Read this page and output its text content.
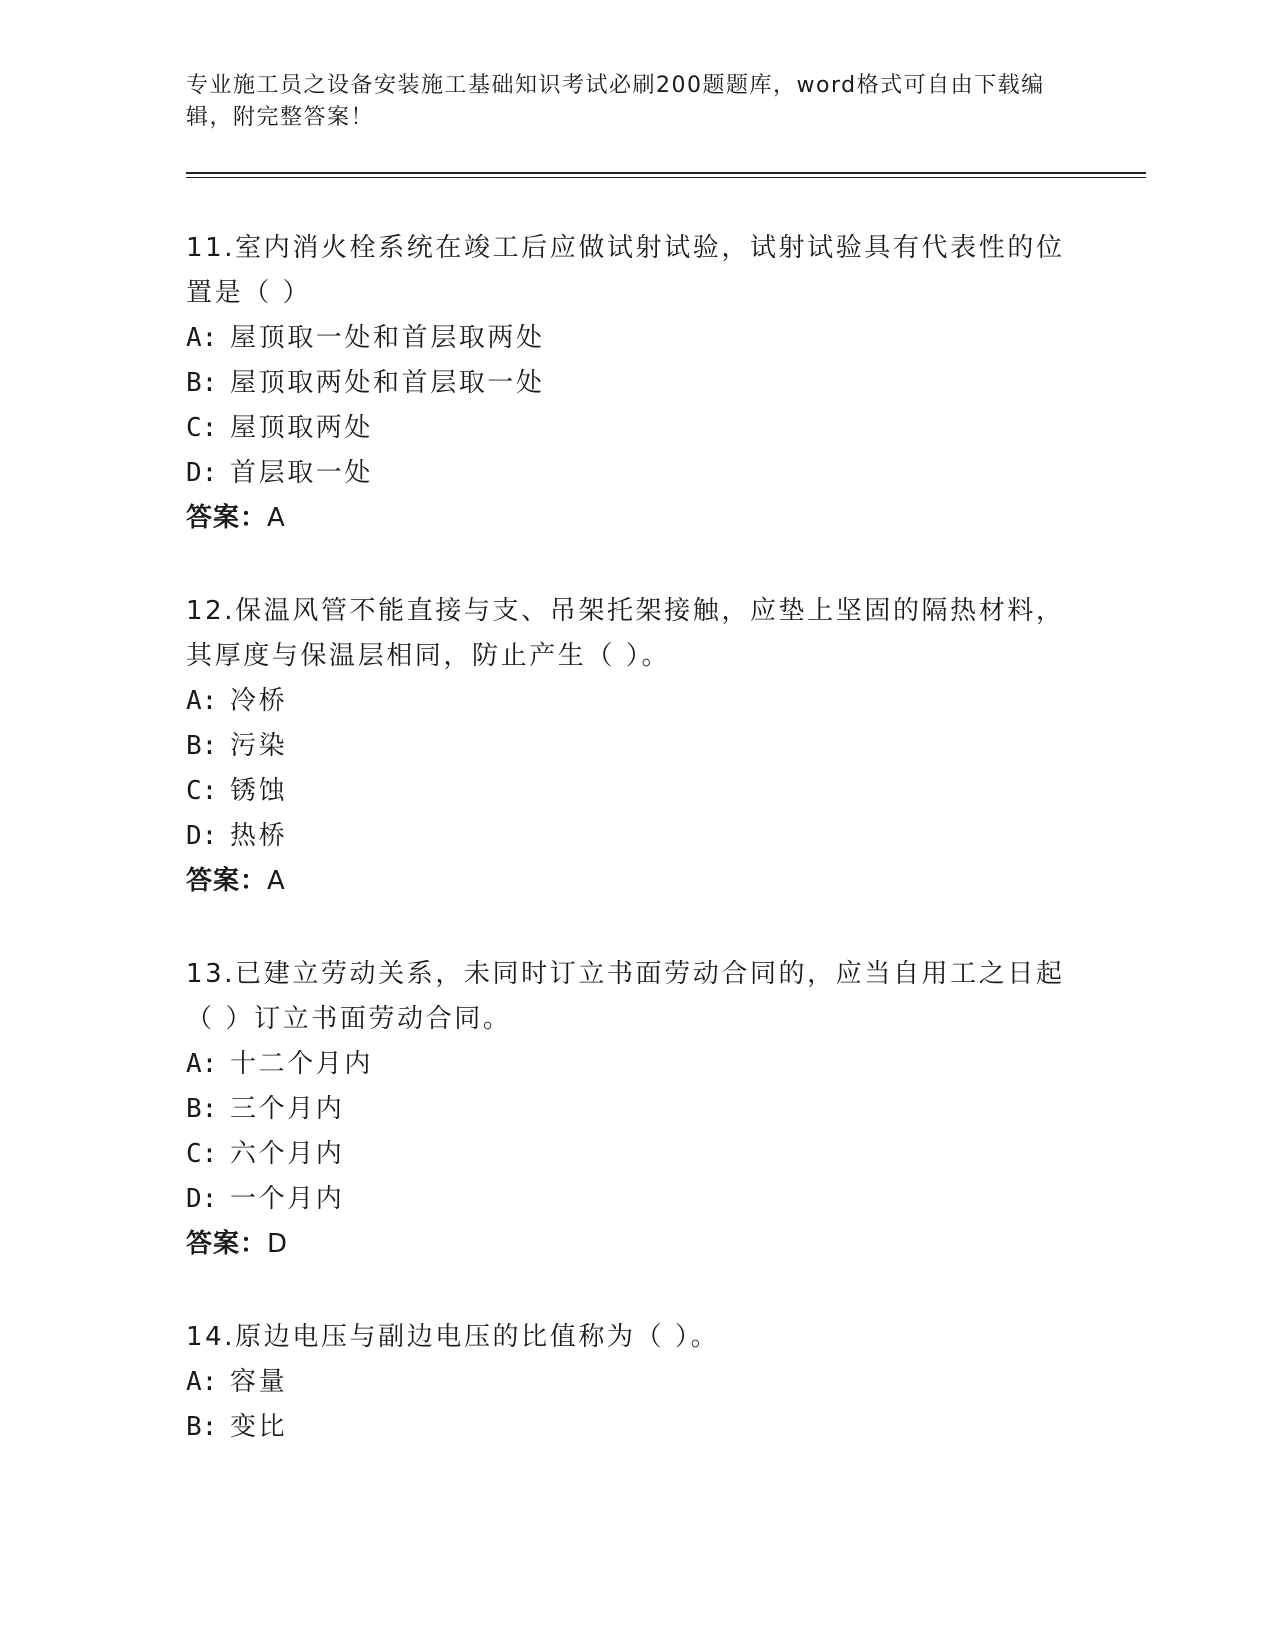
专业施工员之设备安装施工基础知识考试必刷200题题库，word格式可自由下载编辑，附完整答案！

11.室内消火栓系统在竣工后应做试射试验，试射试验具有代表性的位置是（ ）

A: 屋顶取一处和首层取两处

B: 屋顶取两处和首层取一处

C: 屋顶取两处

D: 首层取一处

答案：A

12.保温风管不能直接与支、吊架托架接触，应垫上坚固的隔热材料，其厚度与保温层相同，防止产生（ ）。

A: 冷桥

B: 污染

C: 锈蚀

D: 热桥

答案：A

13.已建立劳动关系，未同时订立书面劳动合同的，应当自用工之日起（ ）订立书面劳动合同。

A: 十二个月内

B: 三个月内

C: 六个月内

D: 一个月内

答案：D

14.原边电压与副边电压的比值称为（ ）。

A: 容量

B: 变比
